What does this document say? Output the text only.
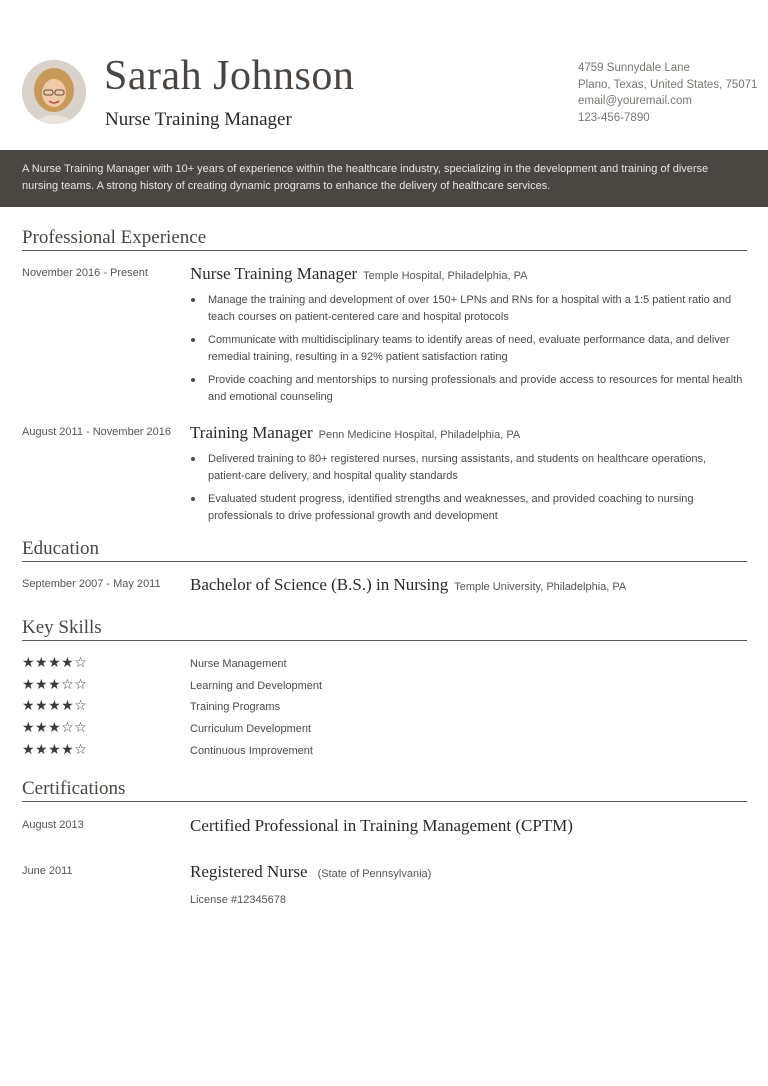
Sarah Johnson
Nurse Training Manager
4759 Sunnydale Lane
Plano, Texas, United States, 75071
email@youremail.com
123-456-7890
A Nurse Training Manager with 10+ years of experience within the healthcare industry, specializing in the development and training of diverse nursing teams. A strong history of creating dynamic programs to enhance the delivery of healthcare services.
Professional Experience
November 2016 - Present Nurse Training Manager Temple Hospital, Philadelphia, PA
Manage the training and development of over 150+ LPNs and RNs for a hospital with a 1:5 patient ratio and teach courses on patient-centered care and hospital protocols
Communicate with multidisciplinary teams to identify areas of need, evaluate performance data, and deliver remedial training, resulting in a 92% patient satisfaction rating
Provide coaching and mentorships to nursing professionals and provide access to resources for mental health and emotional counseling
August 2011 - November 2016 Training Manager Penn Medicine Hospital, Philadelphia, PA
Delivered training to 80+ registered nurses, nursing assistants, and students on healthcare operations, patient-care delivery, and hospital quality standards
Evaluated student progress, identified strengths and weaknesses, and provided coaching to nursing professionals to drive professional growth and development
Education
September 2007 - May 2011 Bachelor of Science (B.S.) in Nursing Temple University, Philadelphia, PA
Key Skills
★★★★☆	Nurse Management
★★★☆☆	Learning and Development
★★★★☆	Training Programs
★★★☆☆	Curriculum Development
★★★★☆	Continuous Improvement
Certifications
August 2013	Certified Professional in Training Management (CPTM)
June 2011	Registered Nurse (State of Pennsylvania)
License #12345678
